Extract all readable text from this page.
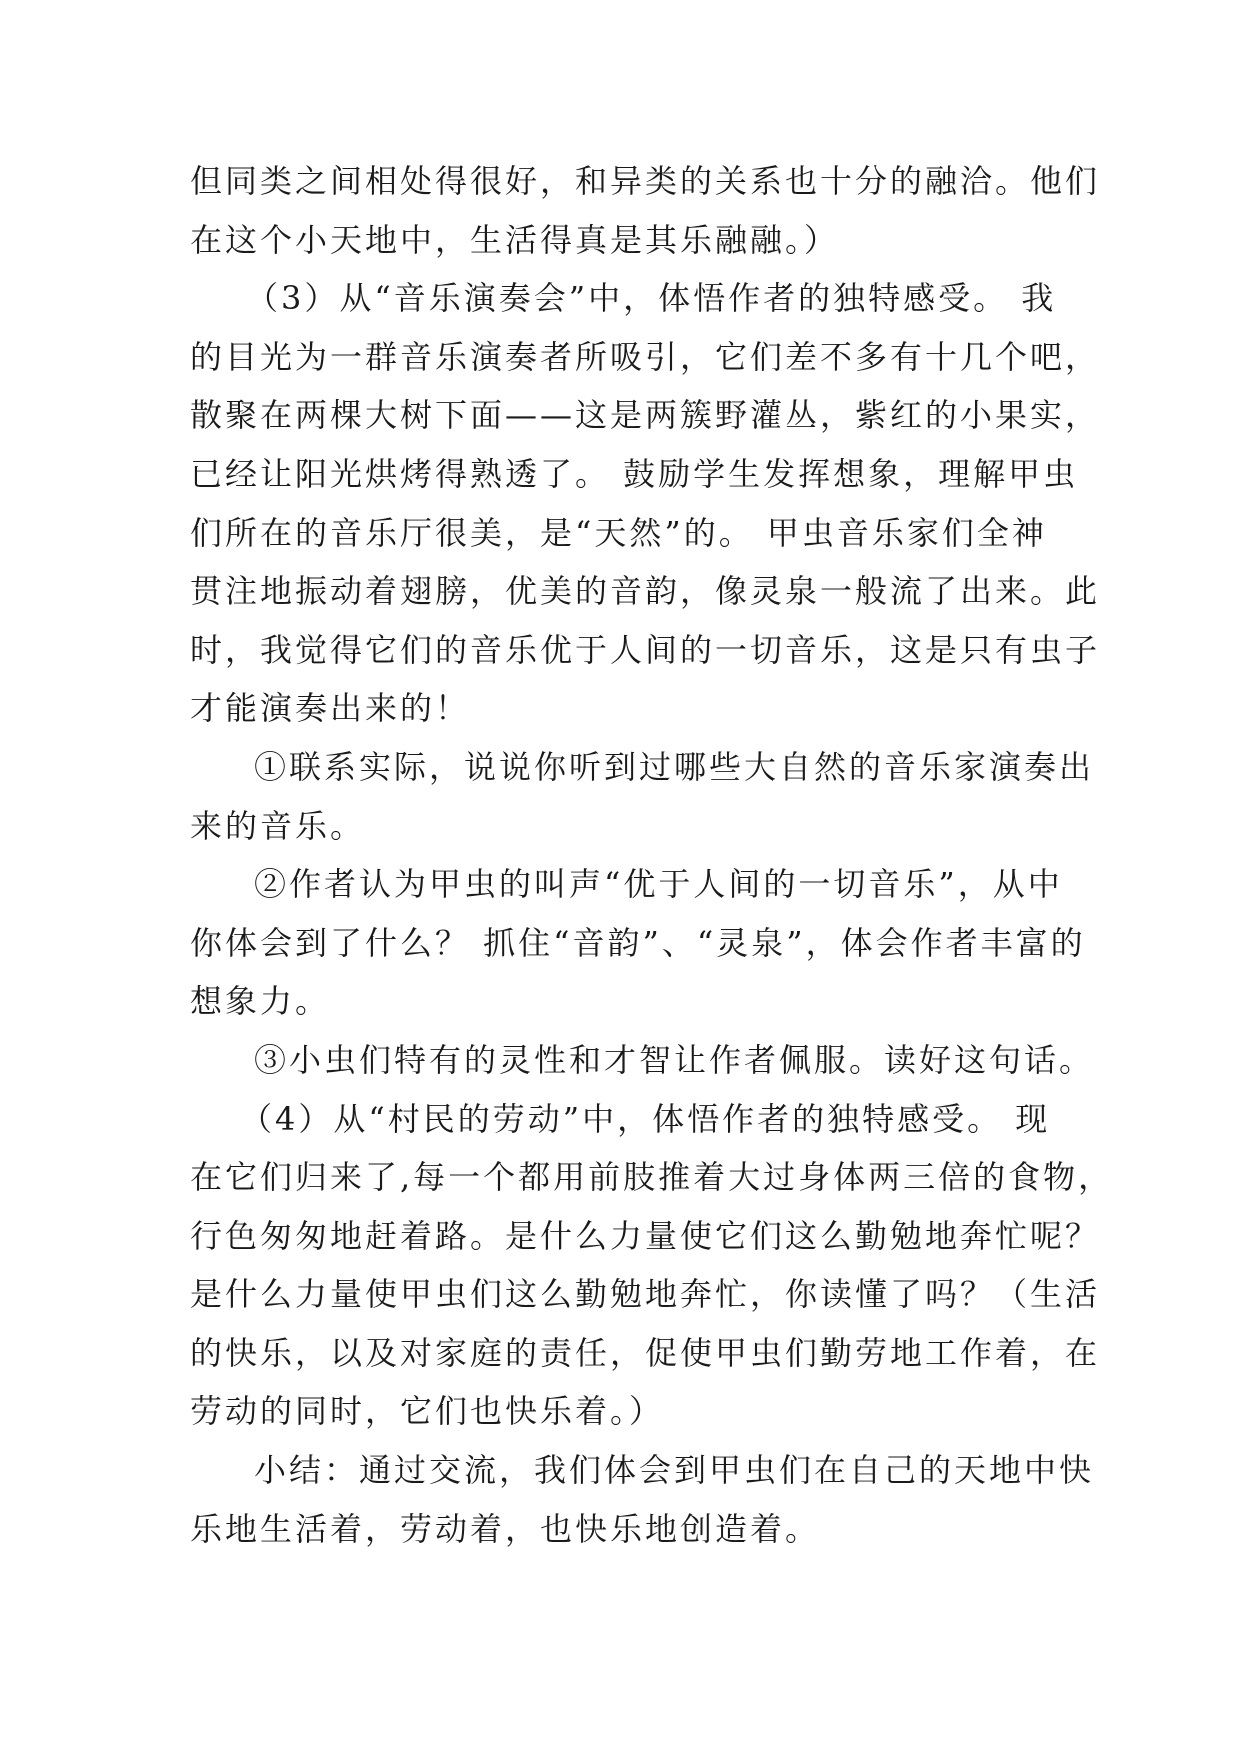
但同类之间相处得很好，和异类的关系也十分的融洽。他们
在这个小天地中，生活得真是其乐融融。）

（3）从“音乐演奏会”中，体悟作者的独特感受。 我
的目光为一群音乐演奏者所吸引，它们差不多有十几个吧，
散聚在两棵大树下面——这是两簇野灌丛，紫红的小果实，
已经让阳光烘烤得熟透了。 鼓励学生发挥想象，理解甲虫
们所在的音乐厅很美，是“天然”的。 甲虫音乐家们全神
贯注地振动着翅膀，优美的音韵，像灵泉一般流了出来。此
时，我觉得它们的音乐优于人间的一切音乐，这是只有虫子
才能演奏出来的！

①联系实际，说说你听到过哪些大自然的音乐家演奏出
来的音乐。

②作者认为甲虫的叫声“优于人间的一切音乐”，从中
你体会到了什么？ 抓住“音韵”、“灵泉”，体会作者丰富的
想象力。

③小虫们特有的灵性和才智让作者佩服。读好这句话。

（4）从“村民的劳动”中，体悟作者的独特感受。 现
在它们归来了,每一个都用前肢推着大过身体两三倍的食物，
行色匆匆地赶着路。是什么力量使它们这么勤勉地奔忙呢？
是什么力量使甲虫们这么勤勉地奔忙，你读懂了吗？（生活
的快乐，以及对家庭的责任，促使甲虫们勤劳地工作着，在
劳动的同时，它们也快乐着。）

小结：通过交流，我们体会到甲虫们在自己的天地中快
乐地生活着，劳动着，也快乐地创造着。
